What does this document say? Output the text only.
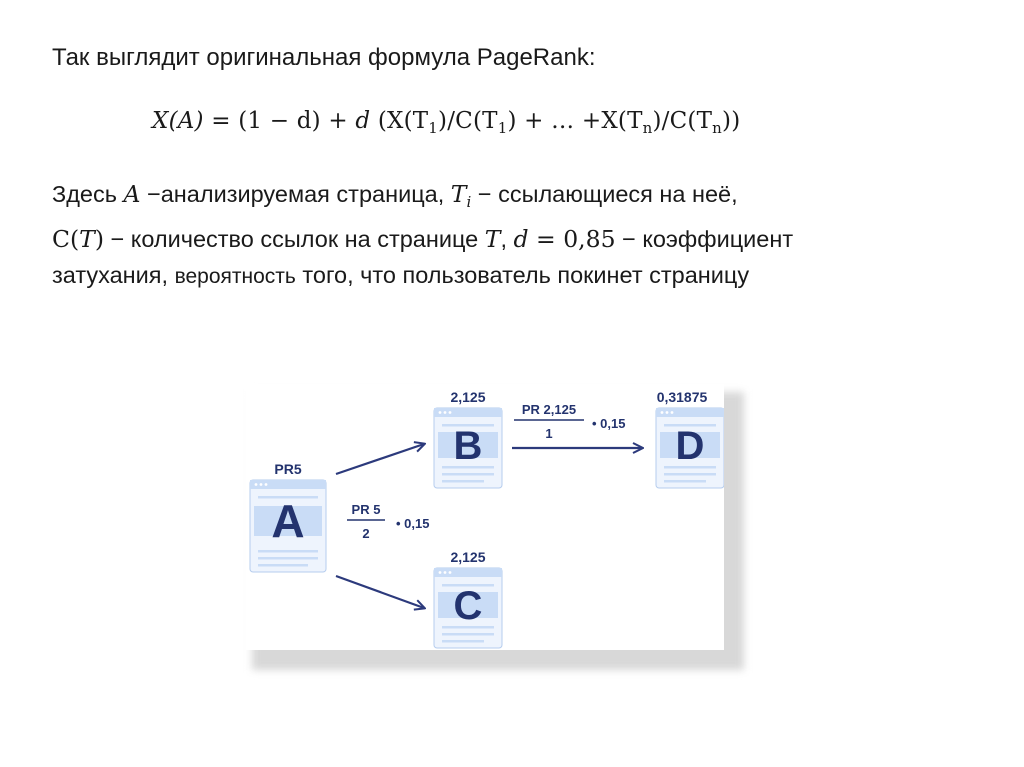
Так выглядит оригинальная формула PageRank:
X(A) = (1 − d) + d ($X(T_1)/C(T_1)$ + … $+X(T_n)/C(T_n)$)
Здесь A −анализируемая страница, $T_i$ − ссылающиеся на неё,
C(T) − количество ссылок на странице T, d = 0,85 − коэффициент
затухания, вероятность того, что пользователь покинет страницу
PR 5
2
• 0,15
PR 2,125
1
• 0,15
A
PR5
B
2,125
C
2,125
D
0,31875
